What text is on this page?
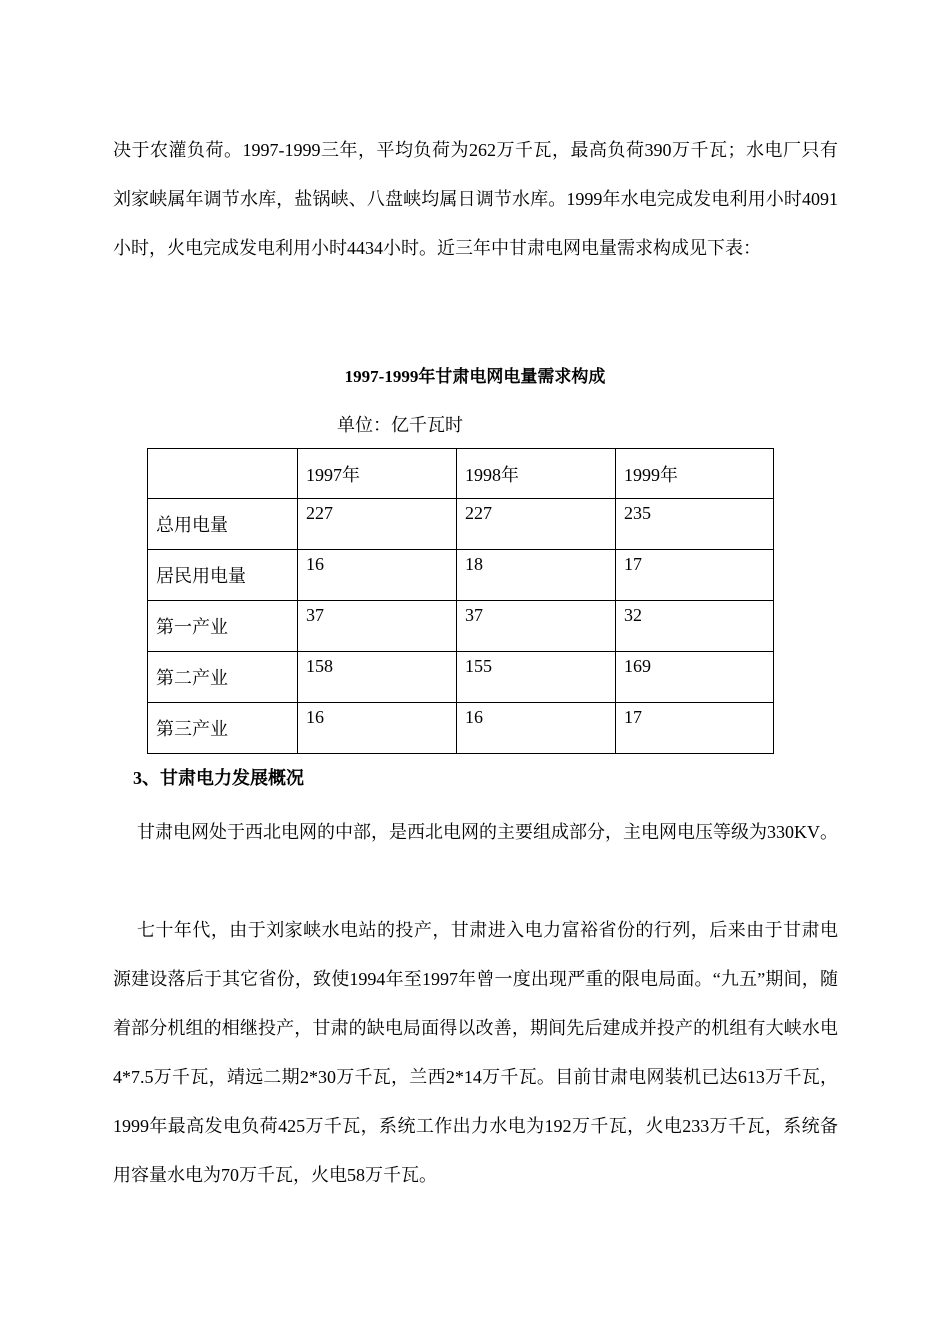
决于农灌负荷。1997-1999三年，平均负荷为262万千瓦，最高负荷390万千瓦；水电厂只有刘家峡属年调节水库，盐锅峡、八盘峡均属日调节水库。1999年水电完成发电利用小时4091小时，火电完成发电利用小时4434小时。近三年中甘肃电网电量需求构成见下表：

1997-1999年甘肃电网电量需求构成
单位：亿千瓦时
	1997年	1998年	1999年
总用电量	227	227	235
居民用电量	16	18	17
第一产业	37	37	32
第二产业	158	155	169
第三产业	16	16	17
3、甘肃电力发展概况

甘肃电网处于西北电网的中部，是西北电网的主要组成部分，主电网电压等级为330KV。

七十年代，由于刘家峡水电站的投产，甘肃进入电力富裕省份的行列，后来由于甘肃电源建设落后于其它省份，致使1994年至1997年曾一度出现严重的限电局面。“九五”期间，随着部分机组的相继投产，甘肃的缺电局面得以改善，期间先后建成并投产的机组有大峡水电4*7.5万千瓦，靖远二期2*30万千瓦，兰西2*14万千瓦。目前甘肃电网装机已达613万千瓦，1999年最高发电负荷425万千瓦，系统工作出力水电为192万千瓦，火电233万千瓦，系统备用容量水电为70万千瓦，火电58万千瓦。
